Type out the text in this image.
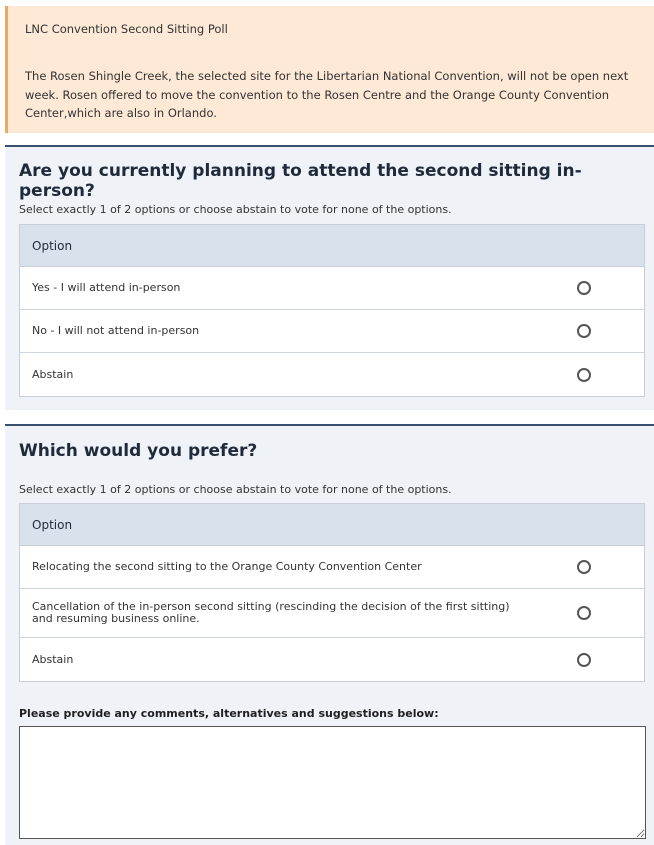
LNC Convention Second Sitting Poll
The Rosen Shingle Creek, the selected site for the Libertarian National Convention, will not be open next week. Rosen offered to move the convention to the Rosen Centre and the Orange County Convention Center,which are also in Orlando.
Are you currently planning to attend the second sitting in-person?
Select exactly 1 of 2 options or choose abstain to vote for none of the options.
Option
Yes - I will attend in-person
No - I will not attend in-person
Abstain
Which would you prefer?
Select exactly 1 of 2 options or choose abstain to vote for none of the options.
Option
Relocating the second sitting to the Orange County Convention Center
Cancellation of the in-person second sitting (rescinding the decision of the first sitting) and resuming business online.
Abstain
Please provide any comments, alternatives and suggestions below:
